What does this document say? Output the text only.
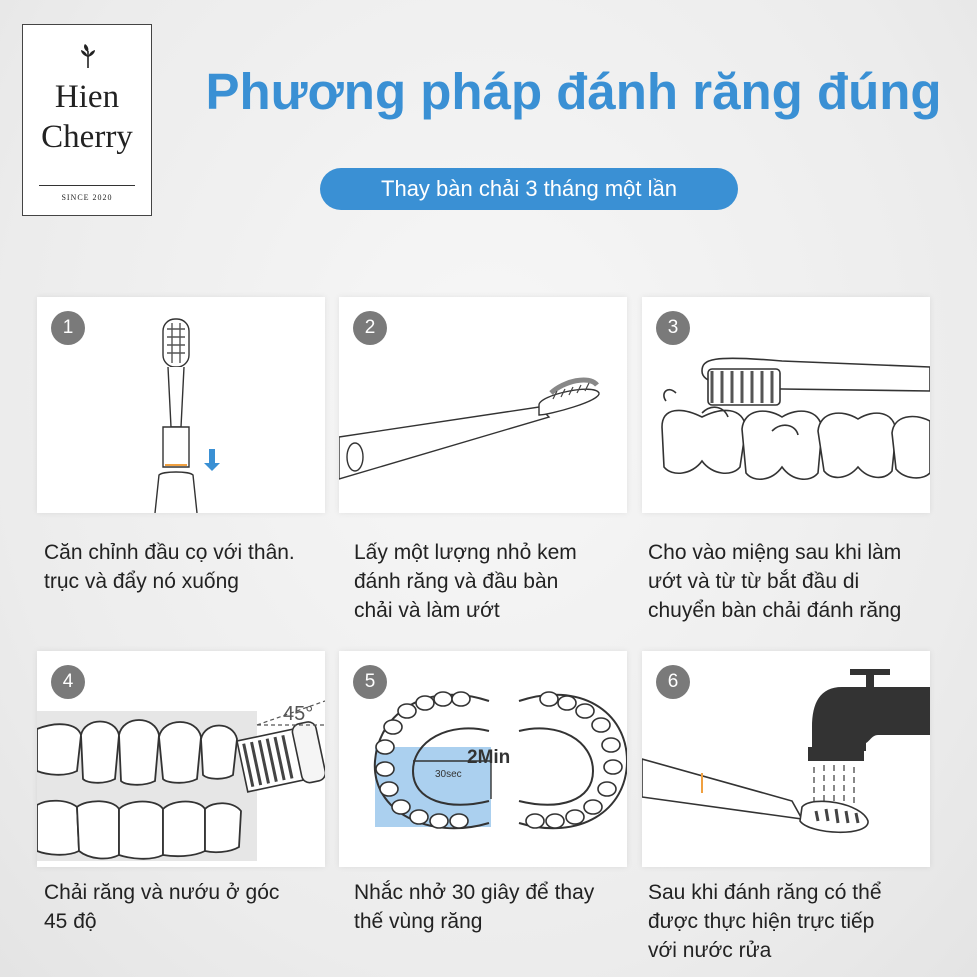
Hien
Cherry
SINCE 2020
Phương pháp đánh răng đúng
Thay bàn chải 3 tháng một lần
1	2	3
4
45°
5
2Min
30sec
6
Căn chỉnh đầu cọ với thân.
trục và đẩy nó xuống
Lấy một lượng nhỏ kem
đánh răng và đầu bàn
chải và làm ướt
Cho vào miệng sau khi làm
ướt và từ từ bắt đầu di
chuyển bàn chải đánh răng
Chải răng và nướu ở góc
45 độ
Nhắc nhở 30 giây để thay
thế vùng răng
Sau khi đánh răng có thể
được thực hiện trực tiếp
với nước rửa
